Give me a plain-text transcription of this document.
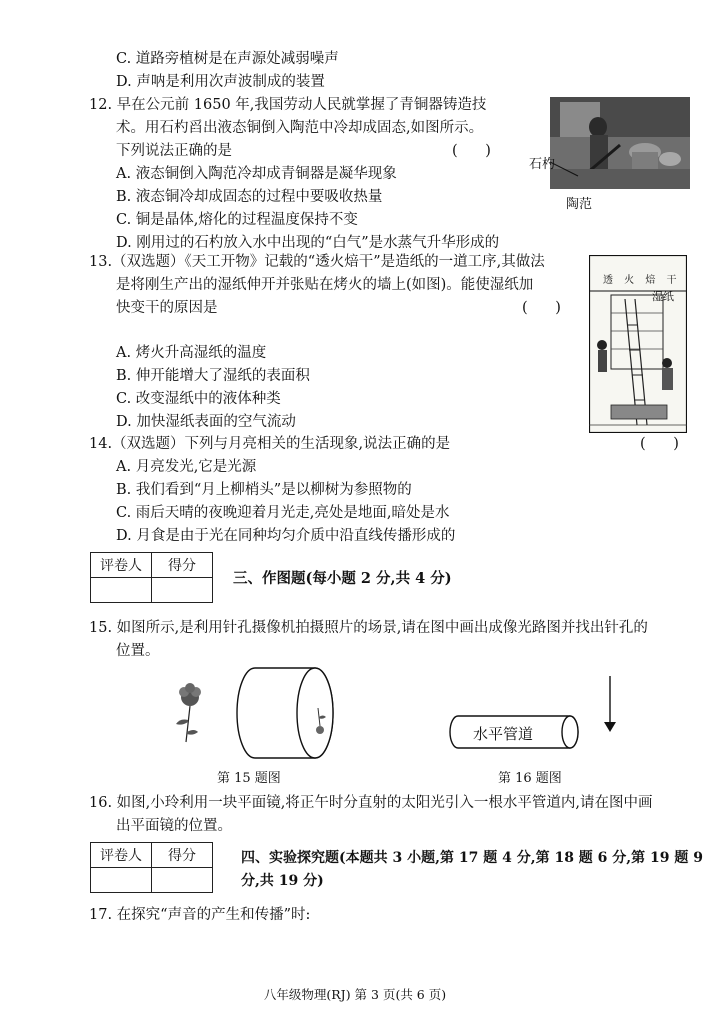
C. 道路旁植树是在声源处减弱噪声
D. 声呐是利用次声波制成的装置
12. 早在公元前 1650 年,我国劳动人民就掌握了青铜器铸造技
术。用石杓舀出液态铜倒入陶范中冷却成固态,如图所示。
下列说法正确的是	(      )
A. 液态铜倒入陶范冷却成青铜器是凝华现象
B. 液态铜冷却成固态的过程中要吸收热量
C. 铜是晶体,熔化的过程温度保持不变
D. 刚用过的石杓放入水中出现的“白气”是水蒸气升华形成的
石杓
陶范
13.（双选题）《天工开物》记载的“透火焙干”是造纸的一道工序,其做法
是将刚生产出的湿纸伸开并张贴在烤火的墙上(如图)。能使湿纸加
快变干的原因是	(      )
A. 烤火升高湿纸的温度
B. 伸开能增大了湿纸的表面积
C. 改变湿纸中的液体种类
D. 加快湿纸表面的空气流动
透 火 焙 干
湿纸
14.（双选题）下列与月亮相关的生活现象,说法正确的是	(      )
A. 月亮发光,它是光源
B. 我们看到“月上柳梢头”是以柳树为参照物的
C. 雨后天晴的夜晚迎着月光走,亮处是地面,暗处是水
D. 月食是由于光在同种均匀介质中沿直线传播形成的
评卷人	得分

三、作图题(每小题 2 分,共 4 分)
15. 如图所示,是利用针孔摄像机拍摄照片的场景,请在图中画出成像光路图并找出针孔的
位置。
第 15 题图
水平管道
第 16 题图
16. 如图,小玲利用一块平面镜,将正午时分直射的太阳光引入一根水平管道内,请在图中画
出平面镜的位置。
评卷人	得分
		四、实验探究题(本题共 3 小题,第 17 题 4 分,第 18 题 6 分,第 19 题 9
分,共 19 分)
17. 在探究“声音的产生和传播”时:
八年级物理(RJ) 第 3 页(共 6 页)
